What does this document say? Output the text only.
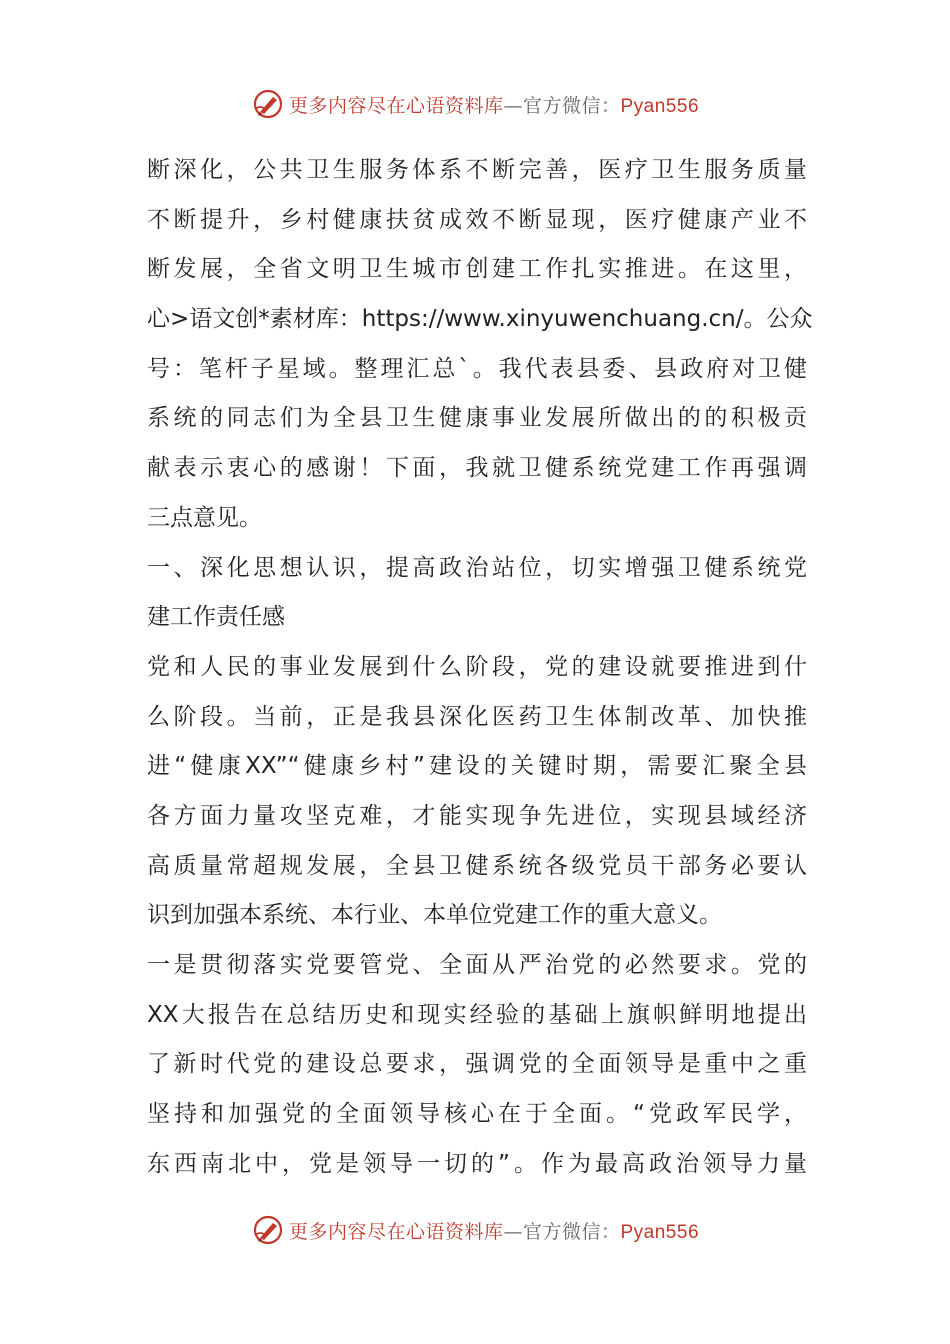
更多内容尽在心语资料库—官方微信：Pyan556
断深化，公共卫生服务体系不断完善，医疗卫生服务质量
不断提升，乡村健康扶贫成效不断显现，医疗健康产业不
断发展，全省文明卫生城市创建工作扎实推进。在这里，
心>语文创*素材库：https://www.xinyuwenchuang.cn/。公众
号：笔杆子星域。整理汇总`。我代表县委、县政府对卫健
系统的同志们为全县卫生健康事业发展所做出的的积极贡
献表示衷心的感谢！下面，我就卫健系统党建工作再强调
三点意见。
一、深化思想认识，提高政治站位，切实增强卫健系统党
建工作责任感
党和人民的事业发展到什么阶段，党的建设就要推进到什
么阶段。当前，正是我县深化医药卫生体制改革、加快推
进“健康XX”“健康乡村”建设的关键时期，需要汇聚全县
各方面力量攻坚克难，才能实现争先进位，实现县域经济
高质量常超规发展，全县卫健系统各级党员干部务必要认
识到加强本系统、本行业、本单位党建工作的重大意义。
一是贯彻落实党要管党、全面从严治党的必然要求。党的
XX大报告在总结历史和现实经验的基础上旗帜鲜明地提出
了新时代党的建设总要求，强调党的全面领导是重中之重
坚持和加强党的全面领导核心在于全面。“党政军民学，
东西南北中，党是领导一切的”。作为最高政治领导力量
更多内容尽在心语资料库—官方微信：Pyan556
